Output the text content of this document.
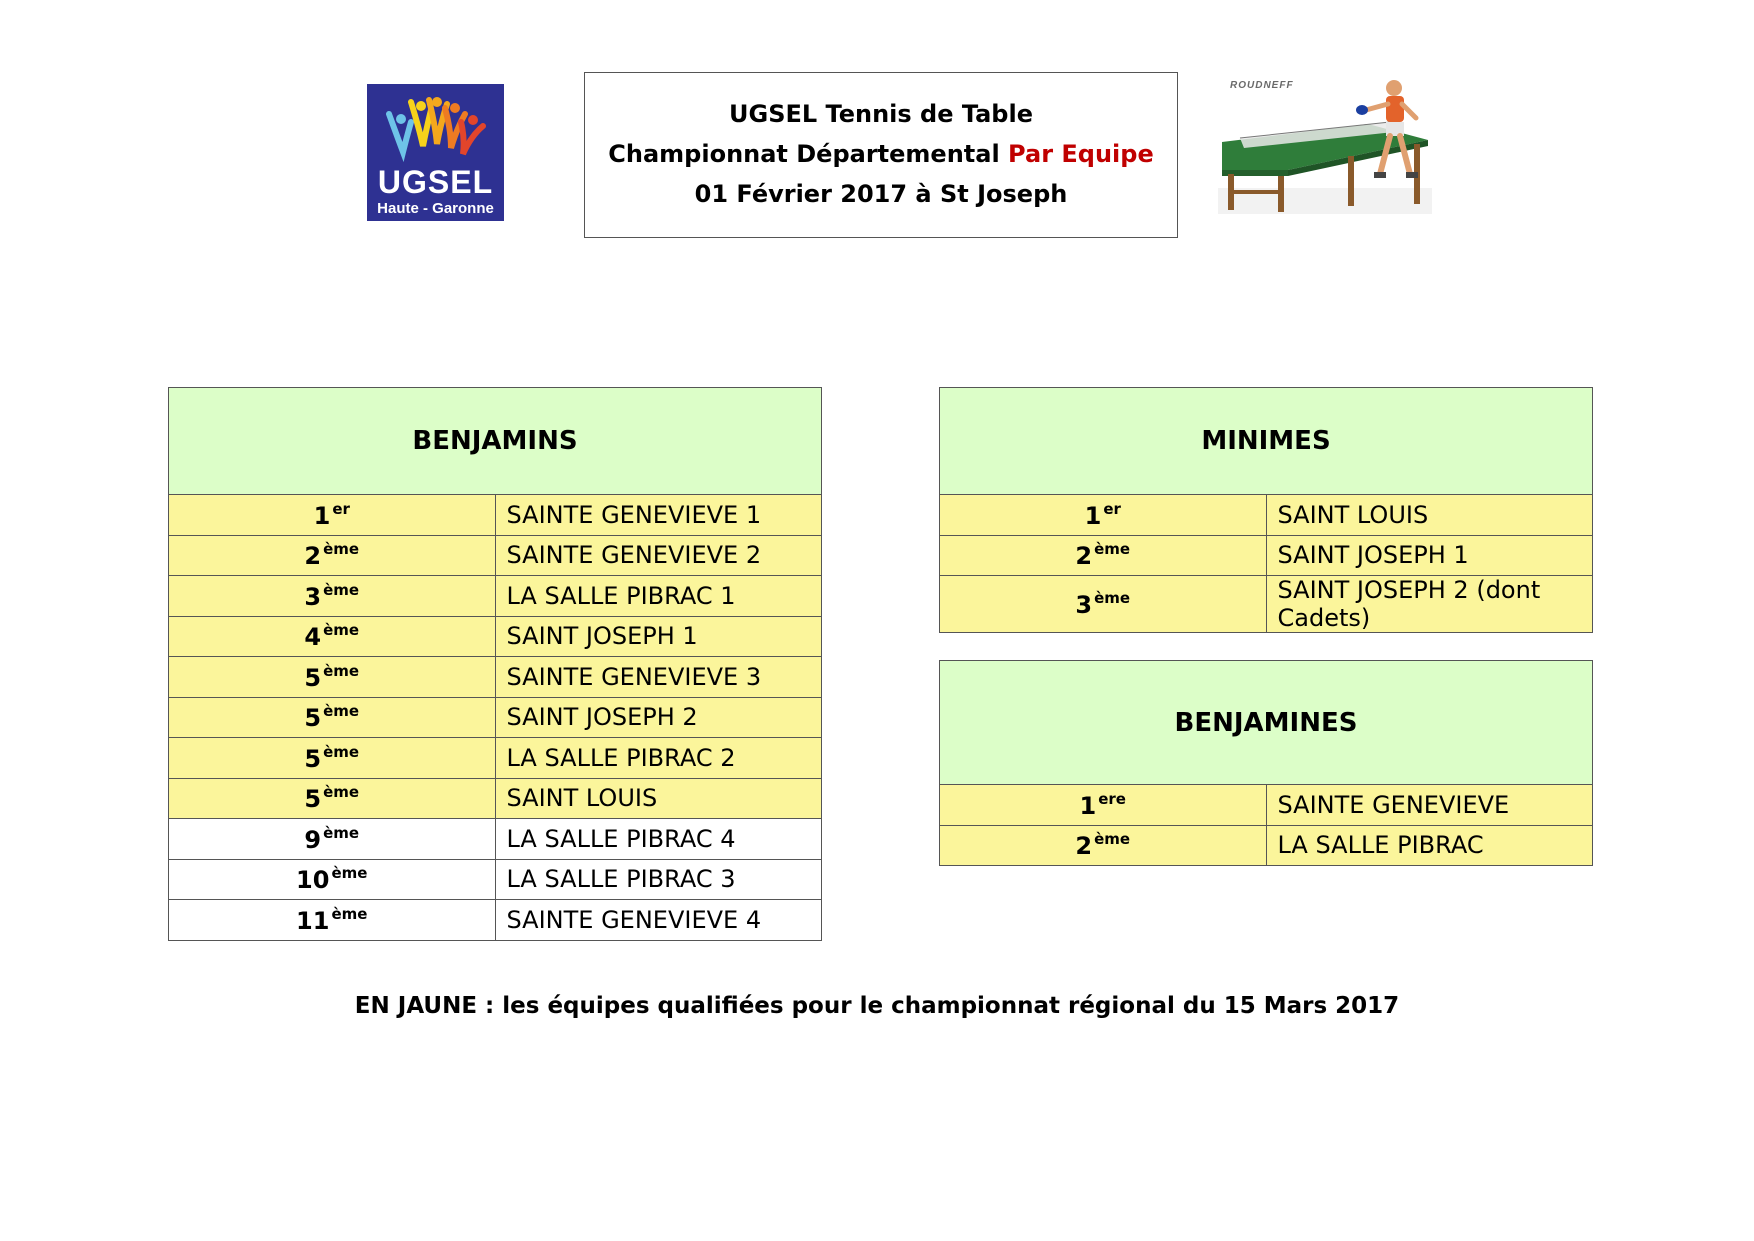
UGSEL
Haute - Garonne
UGSEL Tennis de Table
Championnat Départemental Par Equipe
01 Février 2017 à St Joseph
ROUDNEFF
BENJAMINS	
1 $^{er}$	SAINTE GENEVIEVE 1
2 $^{ème}$	SAINTE GENEVIEVE 2
3 $^{ème}$	LA SALLE PIBRAC 1
4 $^{ème}$	SAINT JOSEPH 1
5 $^{ème}$	SAINTE GENEVIEVE 3
5 $^{ème}$	SAINT JOSEPH 2
5 $^{ème}$	LA SALLE PIBRAC 2
5 $^{ème}$	SAINT LOUIS
9 $^{ème}$	LA SALLE PIBRAC 4
10 $^{ème}$	LA SALLE PIBRAC 3
11 $^{ème}$	SAINTE GENEVIEVE 4
MINIMES	
1 $^{er}$	SAINT LOUIS
2 $^{ème}$	SAINT JOSEPH 1
3 $^{ème}$	SAINT JOSEPH 2 (dont Cadets)
BENJAMINES	
1 $^{ere}$	SAINTE GENEVIEVE
2 $^{ème}$	LA SALLE PIBRAC
EN JAUNE : les équipes qualifiées pour le championnat régional du 15 Mars 2017
